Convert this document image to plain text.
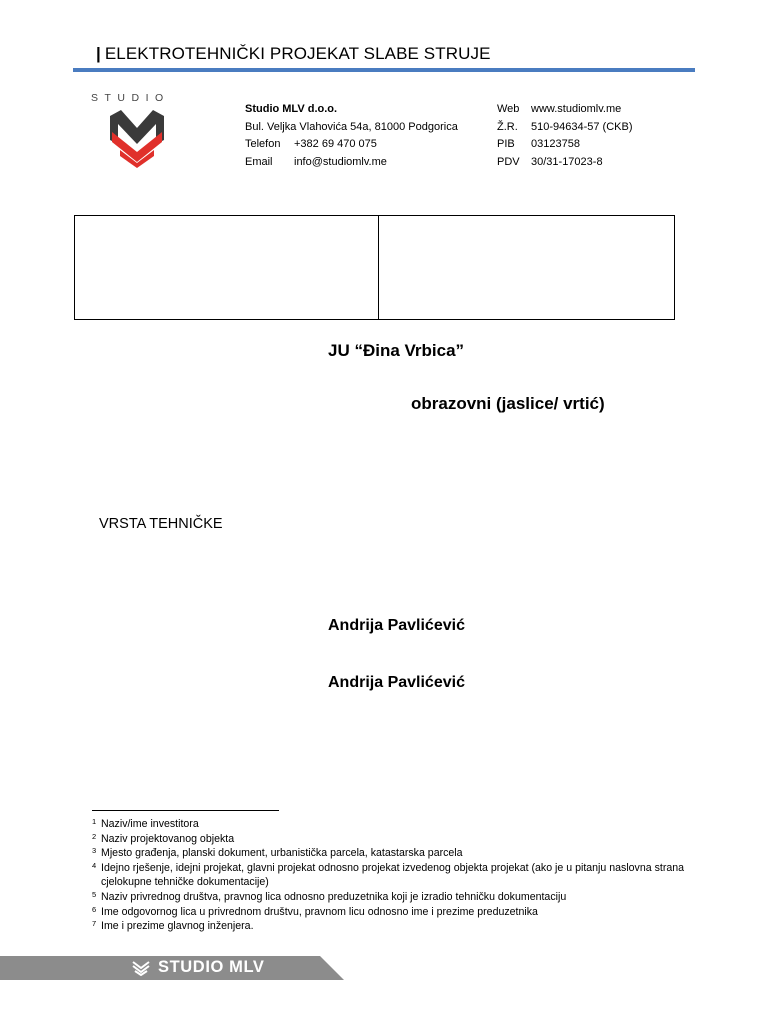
| ELEKTROTEHNIČKI PROJEKAT SLABE STRUJE
STUDIO
Studio MLV d.o.o.
Bul. Veljka Vlahovića 54a, 81000 Podgorica
Telefon +382 69 470 075
Email info@studiomlv.me
Web www.studiomlv.me
Ž.R. 510-94634-57 (CKB)
PIB 03123758
PDV 30/31-17023-8
JU “Đina Vrbica”
obrazovni (jaslice/ vrtić)
VRSTA TEHNIČKE
Andrija Pavlićević
Andrija Pavlićević
1 Naziv/ime investitora
2 Naziv projektovanog objekta
3 Mjesto građenja, planski dokument, urbanistička parcela, katastarska parcela
4 Idejno rješenje, idejni projekat, glavni projekat odnosno projekat izvedenog objekta projekat (ako je u pitanju naslovna strana cjelokupne tehničke dokumentacije)
5 Naziv privrednog društva, pravnog lica odnosno preduzetnika koji je izradio tehničku dokumentaciju
6 Ime odgovornog lica u privrednom društvu, pravnom licu odnosno ime i prezime preduzetnika
7 Ime i prezime glavnog inženjera.
STUDIO MLV
